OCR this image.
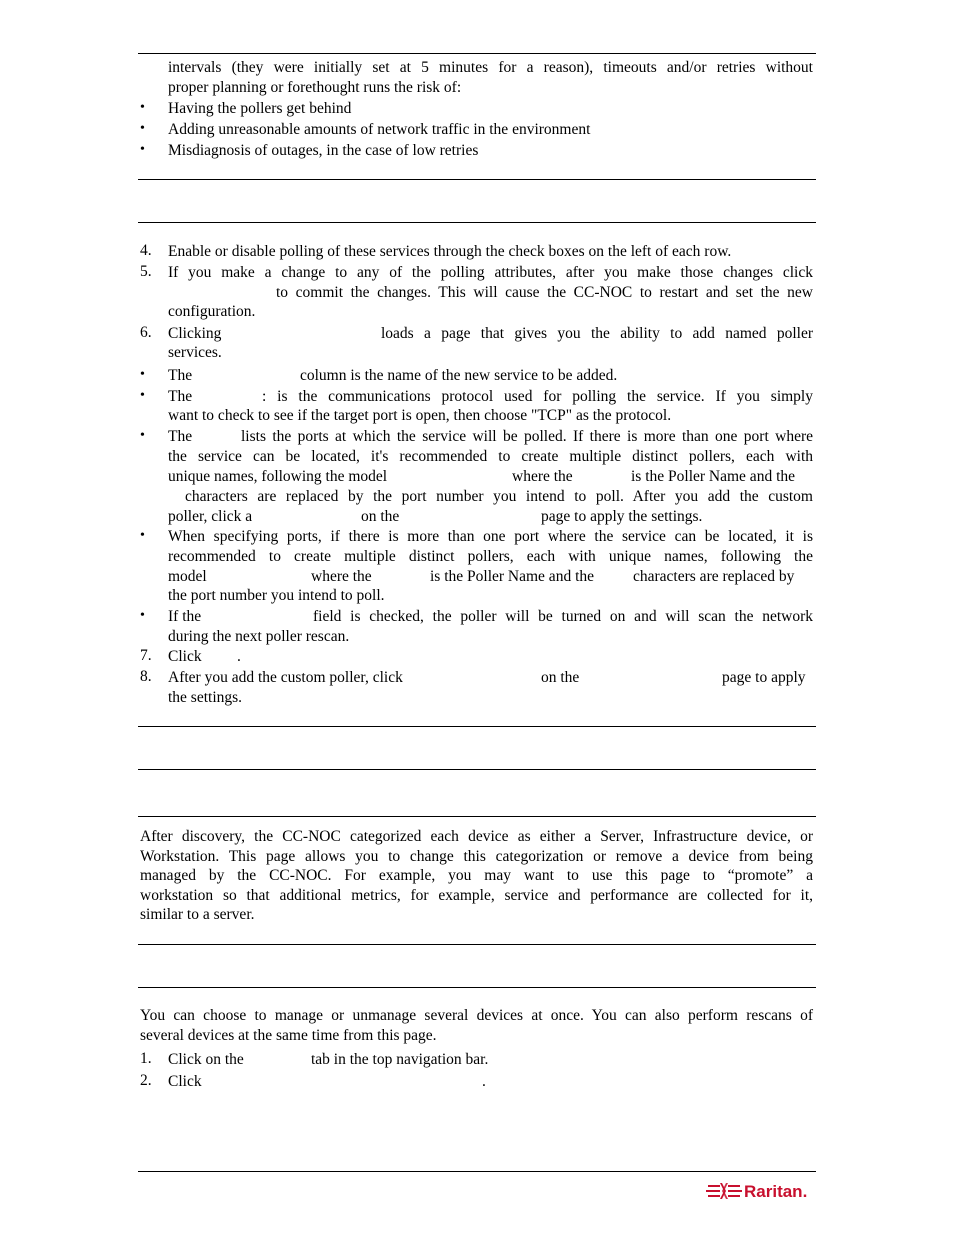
intervals (they were initially set at 5 minutes for a reason), timeouts and/or retries without
proper planning or forethought runs the risk of:
• Having the pollers get behind
• Adding unreasonable amounts of network traffic in the environment
• Misdiagnosis of outages, in the case of low retries
4. Enable or disable polling of these services through the check boxes on the left of each row.
5. If you make a change to any of the polling attributes, after you make those changes click
to commit the changes. This will cause the CC-NOC to restart and set the new
configuration.
6. Clicking	loads a page that gives you the ability to add named poller
services.
• The	column is the name of the new service to be added.
• The	: is the communications protocol used for polling the service. If you simply
want to check to see if the target port is open, then choose "TCP" as the protocol.
• The	lists the ports at which the service will be polled. If there is more than one port where
the service can be located, it's recommended to create multiple distinct pollers, each with
unique names, following the model	where the	is the Poller Name and the
characters are replaced by the port number you intend to poll. After you add the custom
poller, click a	on the	page to apply the settings.
• When specifying ports, if there is more than one port where the service can be located, it is
recommended to create multiple distinct pollers, each with unique names, following the
model	where the	is the Poller Name and the	characters are replaced by
the port number you intend to poll.
• If the	field is checked, the poller will be turned on and will scan the network
during the next poller rescan.
7. Click .
8. After you add the custom poller, click	on the	page to apply
the settings.
After discovery, the CC-NOC categorized each device as either a Server, Infrastructure device, or
Workstation. This page allows you to change this categorization or remove a device from being
managed by the CC-NOC. For example, you may want to use this page to “promote” a
workstation so that additional metrics, for example, service and performance are collected for it,
similar to a server.
You can choose to manage or unmanage several devices at once. You can also perform rescans of
several devices at the same time from this page.
1. Click on the	tab in the top navigation bar.
2. Click	.
Raritan.
